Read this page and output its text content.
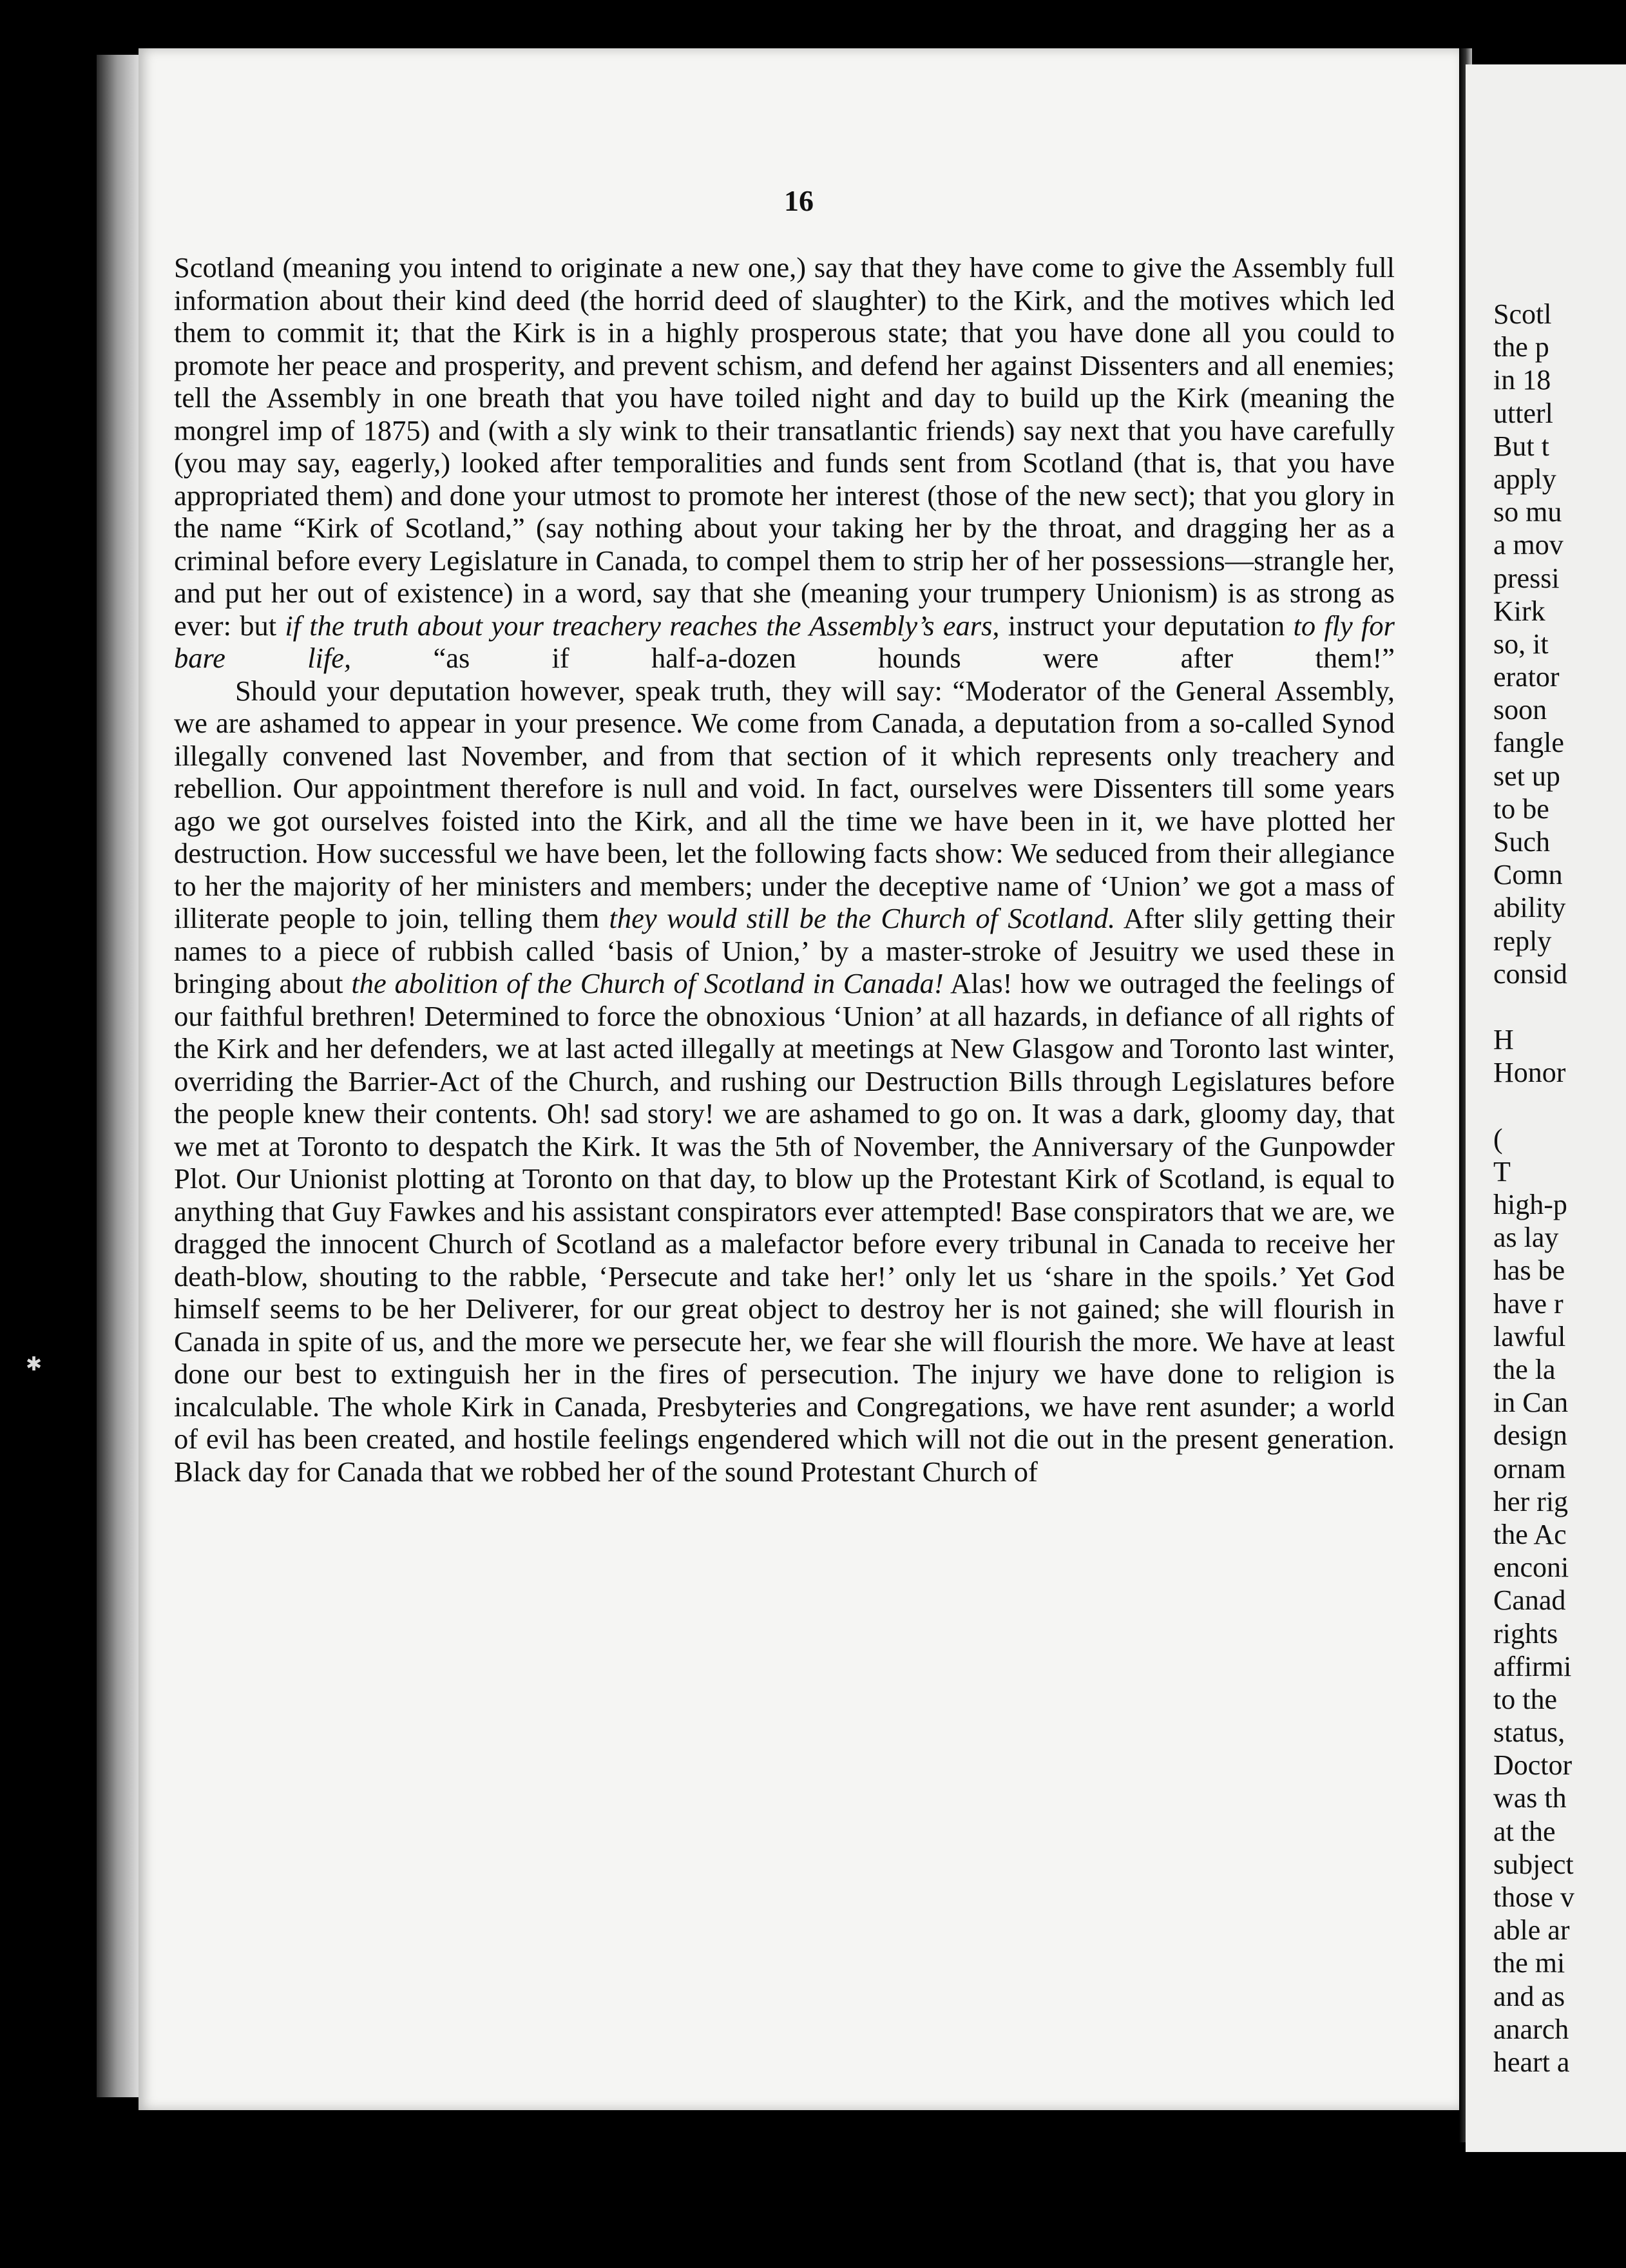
16

Scotland (meaning you intend to originate a new one,) say that they have come to give the Assembly full information about their kind deed (the horrid deed of slaughter) to the Kirk, and the motives which led them to commit it; that the Kirk is in a highly prosperous state; that you have done all you could to promote her peace and prosperity, and prevent schism, and defend her against Dissenters and all enemies; tell the Assembly in one breath that you have toiled night and day to build up the Kirk (meaning the mongrel imp of 1875) and (with a sly wink to their transatlantic friends) say next that you have carefully (you may say, eagerly,) looked after temporalities and funds sent from Scotland (that is, that you have appropriated them) and done your utmost to promote her interest (those of the new sect); that you glory in the name “Kirk of Scotland,” (say nothing about your taking her by the throat, and dragging her as a criminal before every Legislature in Canada, to compel them to strip her of her possessions—strangle her, and put her out of existence) in a word, say that she (meaning your trumpery Unionism) is as strong as ever: but if the truth about your treachery reaches the Assembly’s ears, instruct your deputation to fly for bare life, “as if half-a-dozen hounds were after them!”

Should your deputation however, speak truth, they will say: “Moderator of the General Assembly, we are ashamed to appear in your presence. We come from Canada, a deputation from a so-called Synod illegally convened last November, and from that section of it which represents only treachery and rebellion. Our appointment therefore is null and void. In fact, ourselves were Dissenters till some years ago we got ourselves foisted into the Kirk, and all the time we have been in it, we have plotted her destruction. How successful we have been, let the following facts show: We seduced from their allegiance to her the majority of her ministers and members; under the deceptive name of ‘Union’ we got a mass of illiterate people to join, telling them they would still be the Church of Scotland. After slily getting their names to a piece of rubbish called ‘basis of Union,’ by a master-stroke of Jesuitry we used these in bringing about the abolition of the Church of Scotland in Canada! Alas! how we outraged the feelings of our faithful brethren! Determined to force the obnoxious ‘Union’ at all hazards, in defiance of all rights of the Kirk and her defenders, we at last acted illegally at meetings at New Glasgow and Toronto last winter, overriding the Barrier-Act of the Church, and rushing our Destruction Bills through Legislatures before the people knew their contents. Oh! sad story! we are ashamed to go on. It was a dark, gloomy day, that we met at Toronto to despatch the Kirk. It was the 5th of November, the Anniversary of the Gunpowder Plot. Our Unionist plotting at Toronto on that day, to blow up the Protestant Kirk of Scotland, is equal to anything that Guy Fawkes and his assistant conspirators ever attempted! Base conspirators that we are, we dragged the innocent Church of Scotland as a malefactor before every tribunal in Canada to receive her death-blow, shouting to the rabble, ‘Persecute and take her!’ only let us ‘share in the spoils.’ Yet God himself seems to be her Deliverer, for our great object to destroy her is not gained; she will flourish in Canada in spite of us, and the more we persecute her, we fear she will flourish the more. We have at least done our best to extinguish her in the fires of persecution. The injury we have done to religion is incalculable. The whole Kirk in Canada, Presbyteries and Congregations, we have rent asunder; a world of evil has been created, and hostile feelings engendered which will not die out in the present generation. Black day for Canada that we robbed her of the sound Protestant Church of

Scotl
the p
in 18
utterl
But t
apply
so mu
a mov
pressi
Kirk
so, it
erator
soon
fangle
set up
to be
Such
Comn
ability
reply
consid
H
Honor
(
T
high-p
as lay
has be
have r
lawful
the la
in Can
design
ornam
her rig
the Ac
enconi
Canad
rights
affirmi
to the
status,
Doctor
was th
at the
subject
those v
able ar
the mi
and as
anarch
heart a
✱
